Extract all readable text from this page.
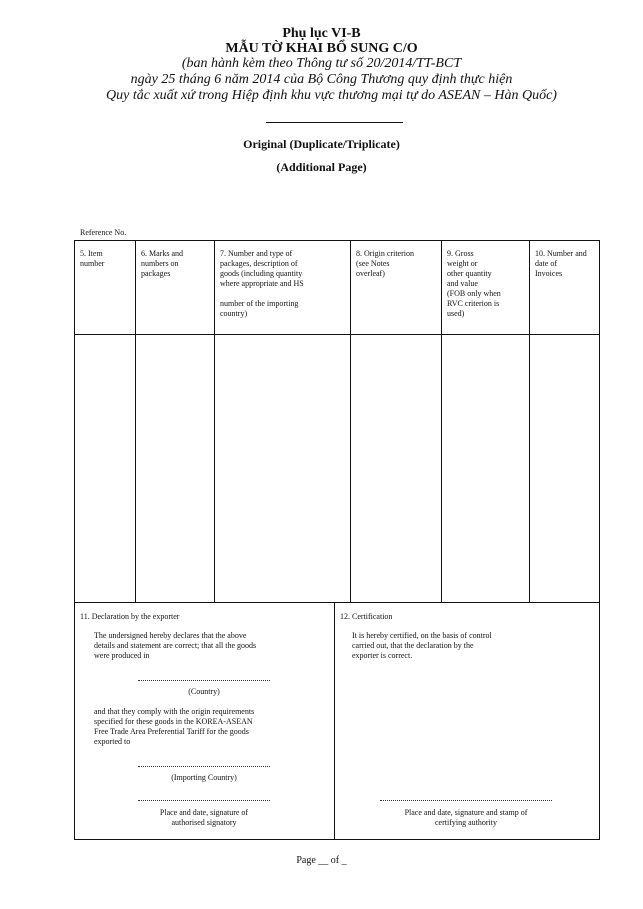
Phụ lục VI-B
MẪU TỜ KHAI BỔ SUNG C/O
(ban hành kèm theo Thông tư số 20/2014/TT-BCT
ngày 25 tháng 6 năm 2014 của Bộ Công Thương quy định thực hiện
Quy tắc xuất xứ trong Hiệp định khu vực thương mại tự do ASEAN – Hàn Quốc)
Original (Duplicate/Triplicate)
(Additional Page)
Reference No.
5. Item
number
6. Marks and
numbers on
packages
7. Number and type of
packages, description of
goods (including quantity
where appropriate and HS

number of the importing
country)
8. Origin criterion
(see Notes
overleaf)
9. Gross
weight or
other quantity
and value
(FOB only when
RVC criterion is
used)
10. Number and
date of
Invoices
11. Declaration by the exporter
The undersigned hereby declares that the above
details and statement are correct; that all the goods
were produced in
(Country)
and that they comply with the origin requirements
specified for these goods in the KOREA-ASEAN
Free Trade Area Preferential Tariff for the goods
exported to
(Importing Country)
Place and date, signature of
authorised signatory
12. Certification
It is hereby certified, on the basis of control
carried out, that the declaration by the
exporter is correct.
Place and date, signature and stamp of
certifying authority
Page __ of _
